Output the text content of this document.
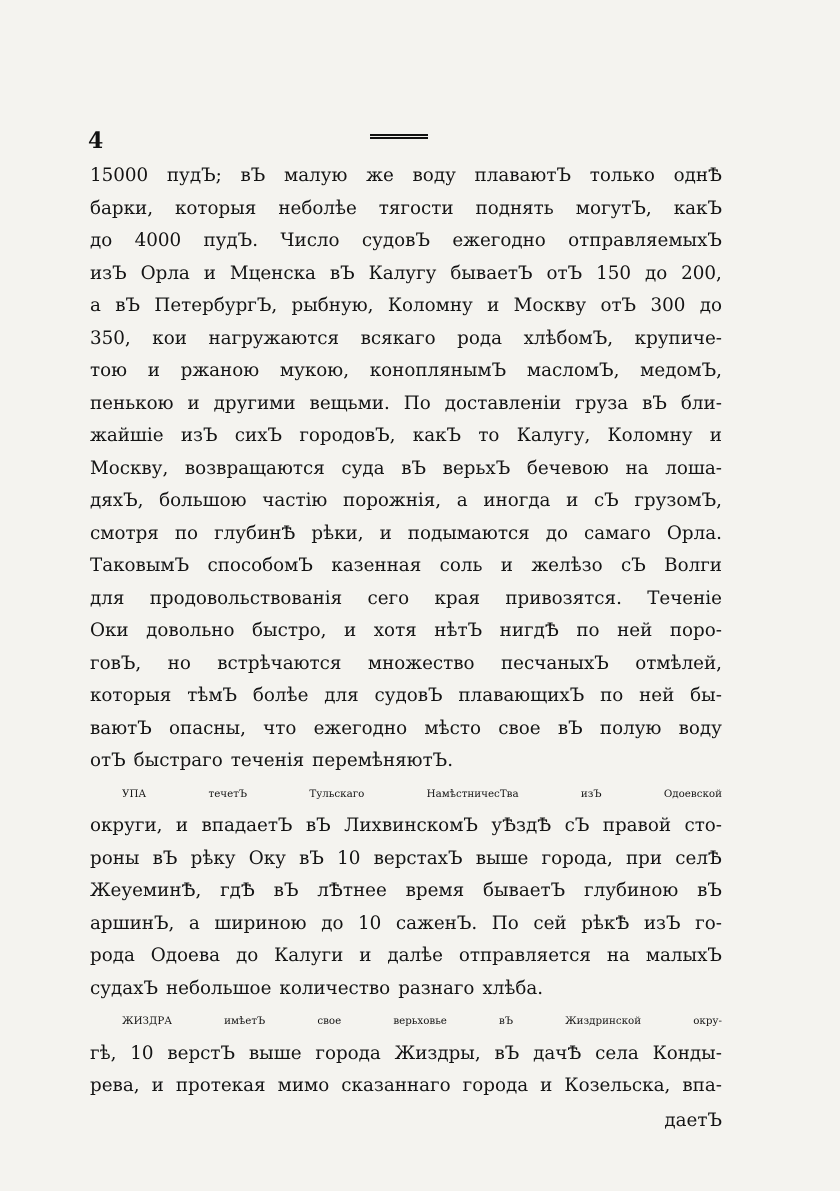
4
15000 пудЪ; вЪ малую же воду плаваютЪ только однѢ
барки, которыя неболѣе тягости поднять могутЪ, какЪ
до 4000 пудЪ. Число судовЪ ежегодно отправляемыхЪ
изЪ Орла и Мценска вЪ Калугу бываетЪ отЪ 150 до 200,
а вЪ ПетербургЪ, рыбную, Коломну и Москву отЪ 300 до
350, кои нагружаются всякаго рода хлѣбомЪ, крупичe-
тою и ржаною мукою, коноплянымЪ масломЪ, медомЪ,
пенькою и другими вещьми. По доставленіи груза вЪ бли-
жайшіе изЪ сихЪ городовЪ, какЪ то Калугу, Коломну и
Москву, возвращаются суда вЪ верьхЪ бечевою на лоша-
дяхЪ, большою частію порожнія, а иногда и сЪ грузомЪ,
смотря по глубинѢ рѣки, и подымаются до самаго Орла.
ТаковымЪ способомЪ казенная соль и желѣзо сЪ Волги
для продовольствованія сего края привозятся. Теченіе
Оки довольно быстро, и хотя нѣтЪ нигдѢ по ней поро-
говЪ, но встрѣчаются множество песчаныхЪ отмѣлей,
которыя тѣмЪ болѣе для судовЪ плавающихЪ по ней бы-
ваютЪ опасны, что ежегодно мѣсто свое вЪ полую воду
отЪ быстраго теченія перемѣняютЪ.
УПА	течетЪ	Тульскаго	НамѣстничесТва	изЪ	Одоевской
округи, и впадаетЪ вЪ ЛихвинскомЪ уѢздѢ сЪ правой сто-
роны вЪ рѣку Оку вЪ 10 верстахЪ выше города, при селѢ
ЖеуеминѢ, гдѢ вЪ лѢтнее время бываетЪ глубиною вЪ
аршинЪ, а шириною до 10 саженЪ. По сей рѣкѢ изЪ го-
рода Одоева до Калуги и далѣе отправляется на малыхЪ
судахЪ небольшое количество разнаго хлѣба.
ЖИЗДРА	имѣетЪ	свое	верьховье	вЪ	Жиздринской	окру-
гѣ, 10 верстЪ выше города Жиздры, вЪ дачѢ села Конды-
рева, и протекая мимо сказаннаго города и Козельска, впа-
даетЪ
